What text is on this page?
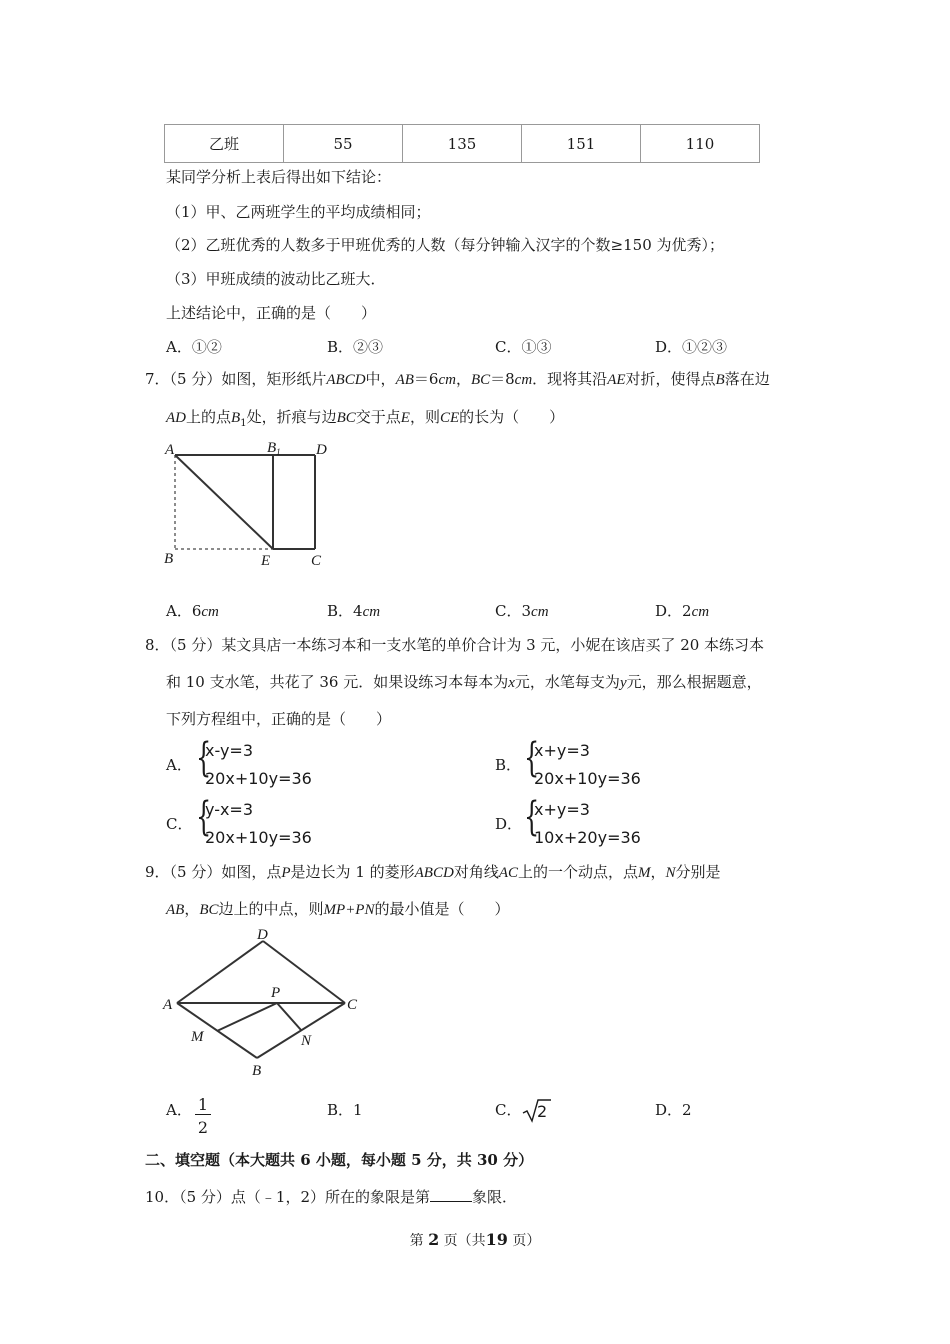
乙班	55	135	151	110
某同学分析上表后得出如下结论：
（1）甲、乙两班学生的平均成绩相同；
（2）乙班优秀的人数多于甲班优秀的人数（每分钟输入汉字的个数≥150 为优秀）；
（3）甲班成绩的波动比乙班大．
上述结论中，正确的是（　　）
A．①②	B．②③	C．①③	D．①②③
7．（5 分）如图，矩形纸片ABCD中，AB＝6cm，BC＝8cm．现将其沿AE对折，使得点B落在边
AD上的点$B_1$处，折痕与边BC交于点E，则CE的长为（　　）
A	$B_1$ D
B	E	C
A．6cm	B．4cm	C．3cm	D．2cm
8．（5 分）某文具店一本练习本和一支水笔的单价合计为 3 元，小妮在该店买了 20 本练习本
和 10 支水笔，共花了 36 元．如果设练习本每本为x元，水笔每支为y元，那么根据题意，
下列方程组中，正确的是（　　）
A． {
x-y=3
20x+10y=36
B． {
x+y=3
20x+10y=36
C． {
y-x=3
20x+10y=36
D． {
x+y=3
10x+20y=36
9．（5 分）如图，点P是边长为 1 的菱形ABCD对角线AC上的一个动点，点M，N分别是
AB，BC边上的中点，则MP+PN的最小值是（　　）
D
A
P
C
M	N
B
A． 1
2
B．1	C． 2	D．2
二、填空题（本大题共 6 小题，每小题 5 分，共 30 分）
10．（5 分）点（﹣1，2）所在的象限是第	象限．
第 2 页（共19 页）
